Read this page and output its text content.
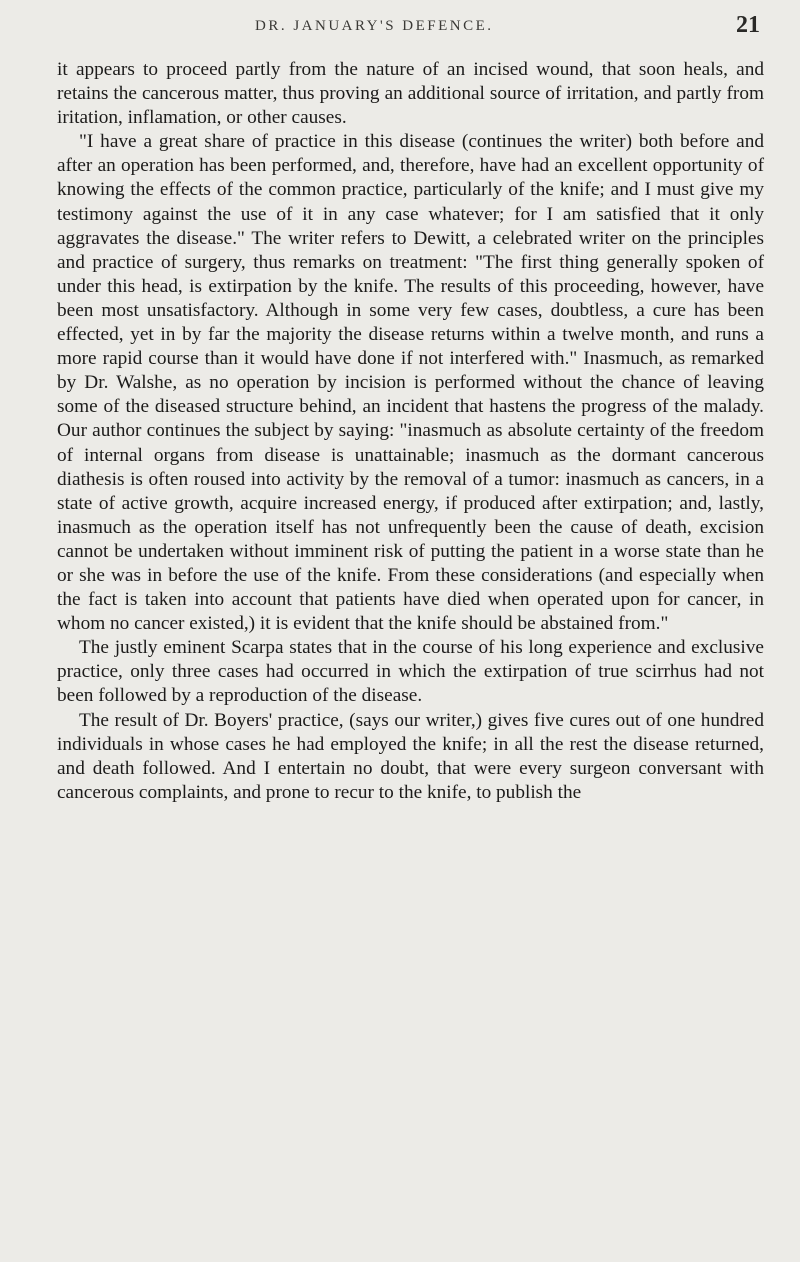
DR. JANUARY'S DEFENCE.	21

it appears to proceed partly from the nature of an incised wound, that soon heals, and retains the cancerous matter, thus proving an additional source of irritation, and partly from iritation, inflamation, or other causes.

"I have a great share of practice in this disease (continues the writer) both before and after an operation has been performed, and, therefore, have had an excellent opportunity of knowing the effects of the common practice, particularly of the knife; and I must give my testimony against the use of it in any case whatever; for I am satisfied that it only aggravates the disease." The writer refers to Dewitt, a celebrated writer on the principles and practice of surgery, thus remarks on treatment: "The first thing generally spoken of under this head, is extirpation by the knife. The results of this proceeding, however, have been most unsatisfactory. Although in some very few cases, doubtless, a cure has been effected, yet in by far the majority the disease returns within a twelve month, and runs a more rapid course than it would have done if not interfered with." Inasmuch, as remarked by Dr. Walshe, as no operation by incision is performed without the chance of leaving some of the diseased structure behind, an incident that hastens the progress of the malady. Our author continues the subject by saying: "inasmuch as absolute certainty of the freedom of internal organs from disease is unattainable; inasmuch as the dormant cancerous diathesis is often roused into activity by the removal of a tumor: inasmuch as cancers, in a state of active growth, acquire increased energy, if produced after extirpation; and, lastly, inasmuch as the operation itself has not unfrequently been the cause of death, excision cannot be undertaken without imminent risk of putting the patient in a worse state than he or she was in before the use of the knife. From these considerations (and especially when the fact is taken into account that patients have died when operated upon for cancer, in whom no cancer existed,) it is evident that the knife should be abstained from."

The justly eminent Scarpa states that in the course of his long experience and exclusive practice, only three cases had occurred in which the extirpation of true scirrhus had not been followed by a reproduction of the disease.

The result of Dr. Boyers' practice, (says our writer,) gives five cures out of one hundred individuals in whose cases he had employed the knife; in all the rest the disease returned, and death followed. And I entertain no doubt, that were every surgeon conversant with cancerous complaints, and prone to recur to the knife, to publish the
